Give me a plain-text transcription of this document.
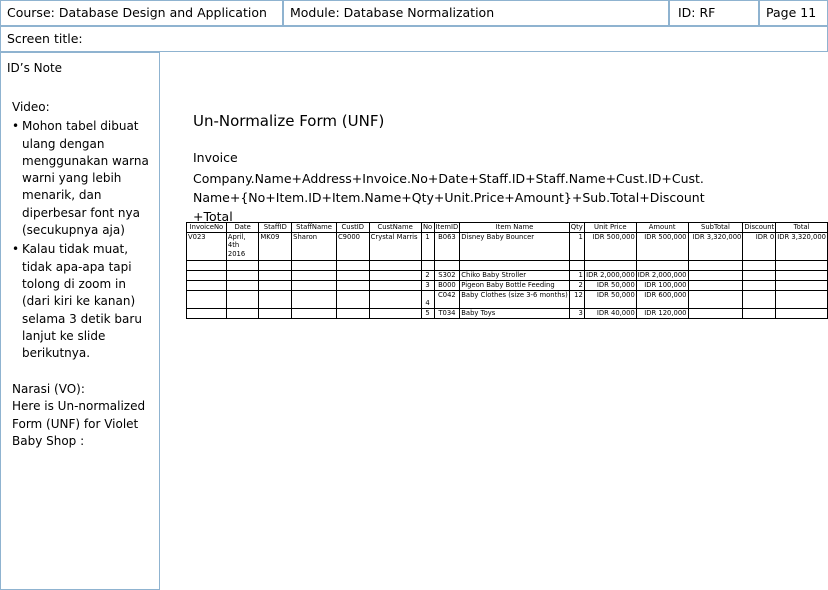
Course: Database Design and Application	Module: Database Normalization	ID: RF	Page 11
Screen title:
ID’s Note
Video:
• Mohon tabel dibuat ulang dengan menggunakan warna warni yang lebih menarik, dan diperbesar font nya (secukupnya aja)
• Kalau tidak muat, tidak apa-apa tapi tolong di zoom in (dari kiri ke kanan) selama 3 detik baru lanjut ke slide berikutnya.
Narasi (VO):
Here is Un-normalized Form (UNF) for Violet Baby Shop :
Un-Normalize Form (UNF)
Invoice
Company.Name+Address+Invoice.No+Date+Staff.ID+Staff.Name+Cust.ID+Cust.Name+{No+Item.ID+Item.Name+Qty+Unit.Price+Amount}+Sub.Total+Discount+Total
InvoiceNo	Date	StaffID	StaffName	CustID	CustName	No	ItemID	Item Name	Qty	Unit Price	Amount	SubTotal	Discount	Total
V023	April, 4th 2016	MK09	Sharon	C9000	Crystal Marris	1	B063	Disney Baby Bouncer	1	IDR 500,000	IDR 500,000	IDR 3,320,000	IDR 0	IDR 3,320,000

						2	S302	Chiko Baby Stroller	1	IDR 2,000,000	IDR 2,000,000			
						3	B000	Pigeon Baby Bottle Feeding	2	IDR 50,000	IDR 100,000			
						4	C042	Baby Clothes (size 3-6 months)	12	IDR 50,000	IDR 600,000			
						5	T034	Baby Toys	3	IDR 40,000	IDR 120,000			
